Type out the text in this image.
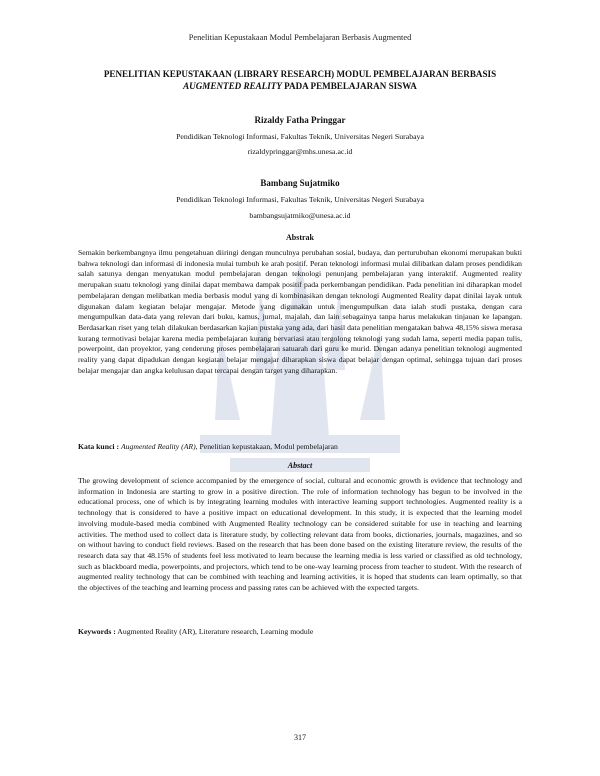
Penelitian Kepustakaan Modul Pembelajaran Berbasis Augmented
PENELITIAN KEPUSTAKAAN (LIBRARY RESEARCH) MODUL PEMBELAJARAN BERBASIS
AUGMENTED REALITY PADA PEMBELAJARAN SISWA
Rizaldy Fatha Pringgar
Pendidikan Teknologi Informasi, Fakultas Teknik, Universitas Negeri Surabaya
rizaldypringgar@mhs.unesa.ac.id
Bambang Sujatmiko
Pendidikan Teknologi Informasi, Fakultas Teknik, Universitas Negeri Surabaya
bambangsujatmiko@unesa.ac.id
Abstrak
Semakin berkembangnya ilmu pengetahuan diiringi dengan munculnya perubahan sosial, budaya, dan perturubuhan ekonomi merupakan bukti bahwa teknologi dan informasi di indonesia mulai tumbuh ke arah positif. Peran teknologi informasi mulai dilibatkan dalam proses pendidikan salah satunya dengan menyatukan modul pembelajaran dengan teknologi penunjang pembelajaran yang interaktif. Augmented reality merupakan suatu teknologi yang dinilai dapat membawa dampak positif pada perkembangan pendidikan. Pada penelitian ini diharapkan model pembelajaran dengan melibatkan media berbasis modul yang di kombinasikan dengan teknologi Augmented Reality dapat dinilai layak untuk digunakan dalam kegiatan belajar mengajar. Metode yang digunakan untuk mengumpulkan data ialah studi pustaka, dengan cara mengumpulkan data-data yang relevan dari buku, kamus, jurnal, majalah, dan lain sebagainya tanpa harus melakukan tinjauan ke lapangan. Berdasarkan riset yang telah dilakukan berdasarkan kajian pustaka yang ada, dari hasil data penelitian mengatakan bahwa 48,15% siswa merasa kurang termotivasi belajar karena media pembelajaran kurang bervariasi atau tergolong teknologi yang sudah lama, seperti media papan tulis, powerpoint, dan proyektor, yang cenderung proses pembelajaran satuarah dari guru ke murid. Dengan adanya penelitian teknologi augmented reality yang dapat dipadukan dengan kegiatan belajar mengajar diharapkan siswa dapat belajar dengan optimal, sehingga tujuan dari proses belajar mengajar dan angka kelulusan dapat tercapai dengan target yang diharapkan.
Kata kunci : Augmented Reality (AR), Penelitian kepustakaan, Modul pembelajaran
Abstact
The growing development of science accompanied by the emergence of social, cultural and economic growth is evidence that technology and information in Indonesia are starting to grow in a positive direction. The role of information technology has begun to be involved in the educational process, one of which is by integrating learning modules with interactive learning support technologies. Augmented reality is a technology that is considered to have a positive impact on educational development. In this study, it is expected that the learning model involving module-based media combined with Augmented Reality technology can be considered suitable for use in teaching and learning activities. The method used to collect data is literature study, by collecting relevant data from books, dictionaries, journals, magazines, and so on without having to conduct field reviews. Based on the research that has been done based on the existing literature review, the results of the research data say that 48.15% of students feel less motivated to learn because the learning media is less varied or classified as old technology, such as blackboard media, powerpoints, and projectors, which tend to be one-way learning process from teacher to student. With the research of augmented reality technology that can be combined with teaching and learning activities, it is hoped that students can learn optimally, so that the objectives of the teaching and learning process and passing rates can be achieved with the expected targets.
Keywords : Augmented Reality (AR), Literature research, Learning module
317
